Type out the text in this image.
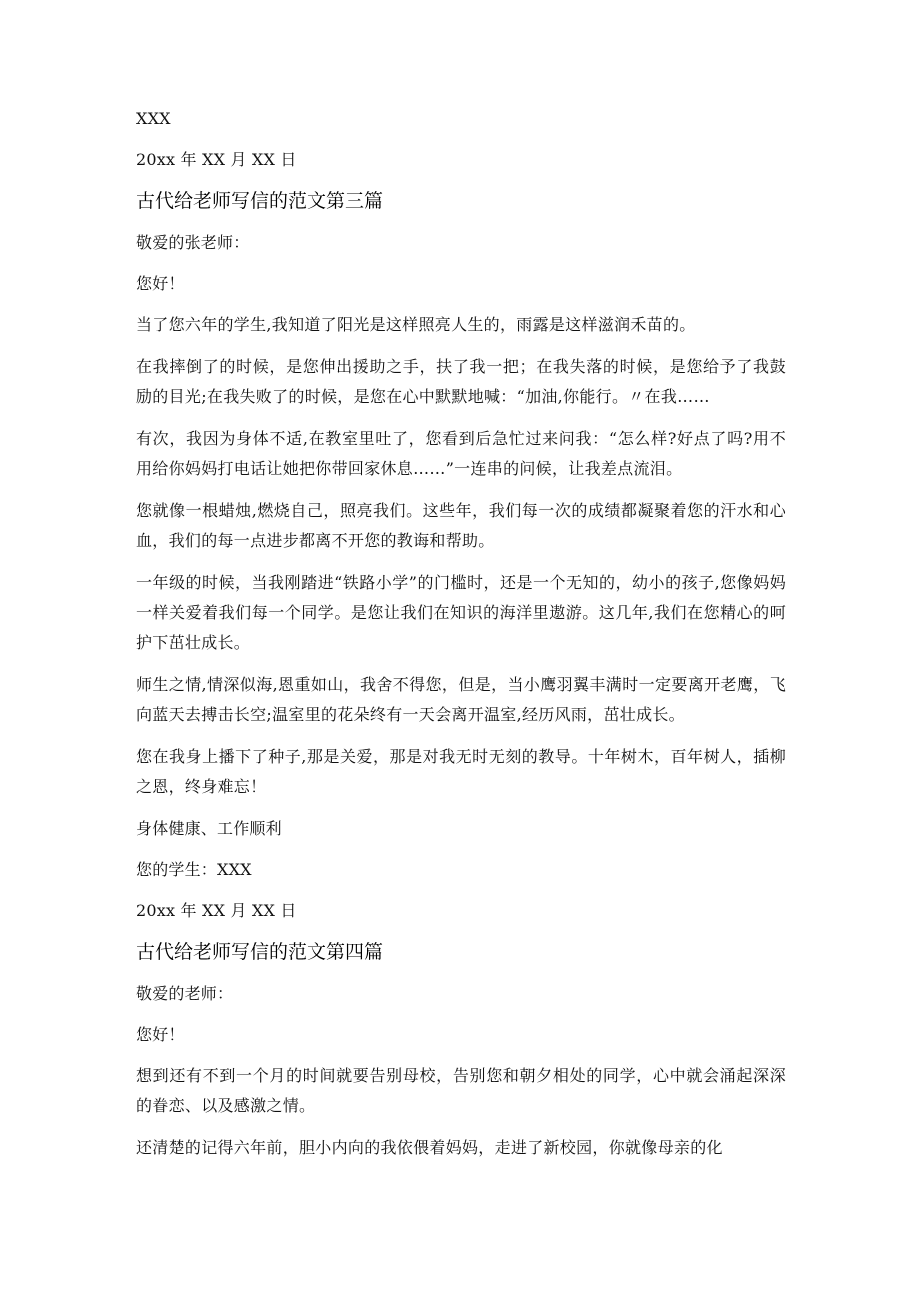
XXX
20xx 年 XX 月 XX 日
古代给老师写信的范文第三篇
敬爱的张老师：
您好！

当了您六年的学生,我知道了阳光是这样照亮人生的，雨露是这样滋润禾苗的。

在我摔倒了的时候，是您伸出援助之手，扶了我一把；在我失落的时候，是您给予了我鼓励的目光;在我失败了的时候，是您在心中默默地喊：“加油,你能行。〃在我……

有次，我因为身体不适,在教室里吐了，您看到后急忙过来问我：“怎么样?好点了吗?用不用给你妈妈打电话让她把你带回家休息……”一连串的问候，让我差点流泪。

您就像一根蜡烛,燃烧自己，照亮我们。这些年，我们每一次的成绩都凝聚着您的汗水和心血，我们的每一点进步都离不开您的教诲和帮助。

一年级的时候，当我刚踏进“铁路小学”的门槛时，还是一个无知的，幼小的孩子,您像妈妈一样关爱着我们每一个同学。是您让我们在知识的海洋里遨游。这几年,我们在您精心的呵护下茁壮成长。

师生之情,情深似海,恩重如山，我舍不得您，但是，当小鹰羽翼丰满时一定要离开老鹰，飞向蓝天去搏击长空;温室里的花朵终有一天会离开温室,经历风雨，茁壮成长。

您在我身上播下了种子,那是关爱，那是对我无时无刻的教导。十年树木，百年树人，插柳之恩，终身难忘！

身体健康、工作顺利
您的学生：XXX
20xx 年 XX 月 XX 日
古代给老师写信的范文第四篇
敬爱的老师：
您好！

想到还有不到一个月的时间就要告别母校，告别您和朝夕相处的同学，心中就会涌起深深的眷恋、以及感激之情。

还清楚的记得六年前，胆小内向的我依偎着妈妈，走进了新校园，你就像母亲的化
